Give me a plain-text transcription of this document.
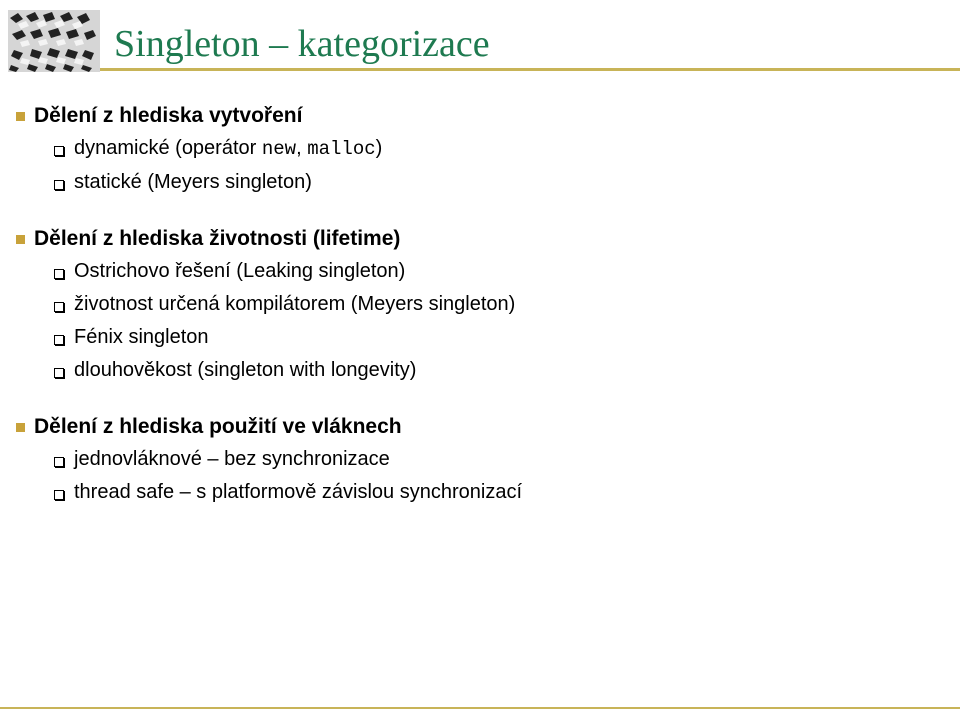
Singleton – kategorizace
Dělení z hlediska vytvoření
dynamické (operátor new, malloc)
statické (Meyers singleton)
Dělení z hlediska životnosti (lifetime)
Ostrichovo řešení (Leaking singleton)
životnost určená kompilátorem (Meyers singleton)
Fénix singleton
dlouhověkost (singleton with longevity)
Dělení z hlediska použití ve vláknech
jednovláknové – bez synchronizace
thread safe – s platformově závislou synchronizací
